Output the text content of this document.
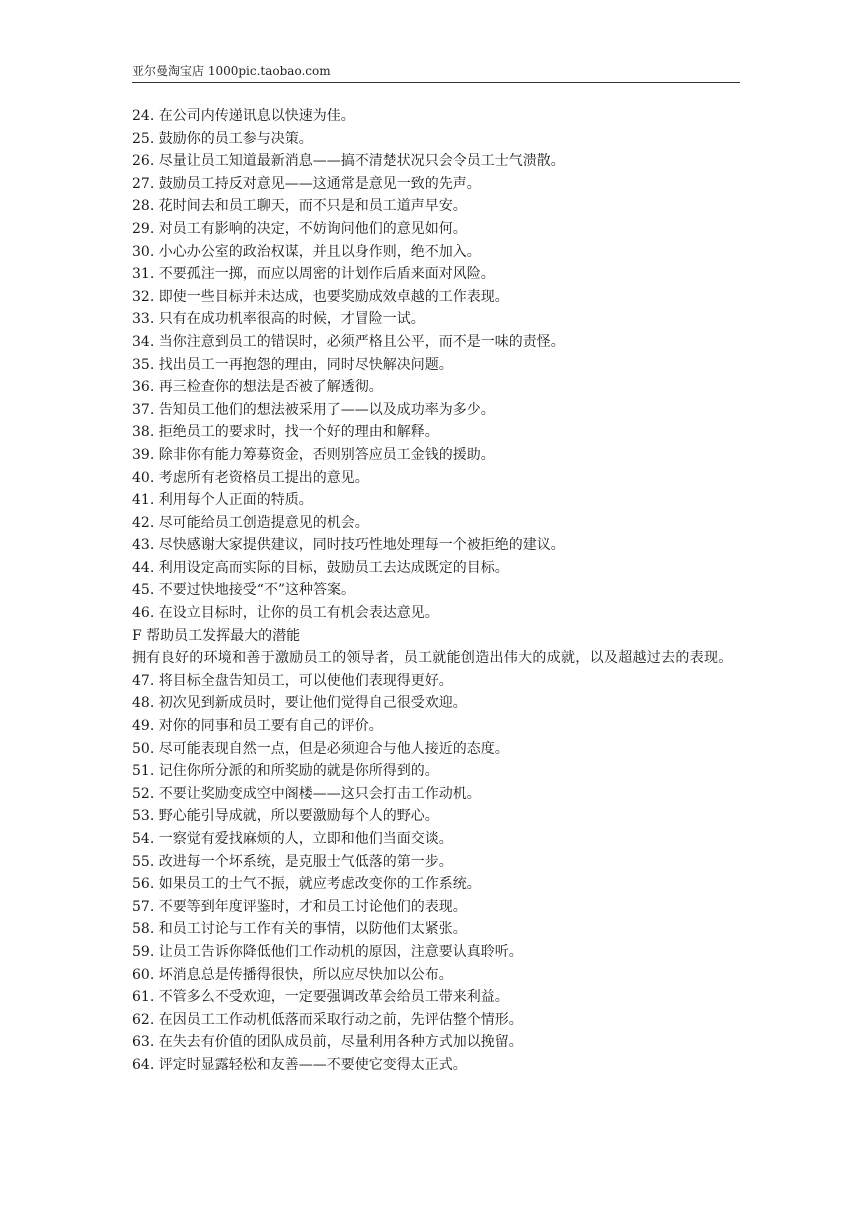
亚尔曼淘宝店 1000pic.taobao.com
24. 在公司内传递讯息以快速为佳。
25. 鼓励你的员工参与决策。
26. 尽量让员工知道最新消息——搞不清楚状况只会令员工士气溃散。
27. 鼓励员工持反对意见——这通常是意见一致的先声。
28. 花时间去和员工聊天，而不只是和员工道声早安。
29. 对员工有影响的决定，不妨询问他们的意见如何。
30. 小心办公室的政治权谋，并且以身作则，绝不加入。
31. 不要孤注一掷，而应以周密的计划作后盾来面对风险。
32. 即使一些目标并未达成，也要奖励成效卓越的工作表现。
33. 只有在成功机率很高的时候，才冒险一试。
34. 当你注意到员工的错误时，必须严格且公平，而不是一味的责怪。
35. 找出员工一再抱怨的理由，同时尽快解决问题。
36. 再三检查你的想法是否被了解透彻。
37. 告知员工他们的想法被采用了——以及成功率为多少。
38. 拒绝员工的要求时，找一个好的理由和解释。
39. 除非你有能力筹募资金，否则别答应员工金钱的援助。
40. 考虑所有老资格员工提出的意见。
41. 利用每个人正面的特质。
42. 尽可能给员工创造提意见的机会。
43. 尽快感谢大家提供建议，同时技巧性地处理每一个被拒绝的建议。
44. 利用设定高而实际的目标，鼓励员工去达成既定的目标。
45. 不要过快地接受“不”这种答案。
46. 在设立目标时，让你的员工有机会表达意见。
F 帮助员工发挥最大的潜能
拥有良好的环境和善于激励员工的领导者，员工就能创造出伟大的成就，以及超越过去的表现。
47. 将目标全盘告知员工，可以使他们表现得更好。
48. 初次见到新成员时，要让他们觉得自己很受欢迎。
49. 对你的同事和员工要有自己的评价。
50. 尽可能表现自然一点，但是必须迎合与他人接近的态度。
51. 记住你所分派的和所奖励的就是你所得到的。
52. 不要让奖励变成空中阁楼——这只会打击工作动机。
53. 野心能引导成就，所以要激励每个人的野心。
54. 一察觉有爱找麻烦的人，立即和他们当面交谈。
55. 改进每一个坏系统，是克服士气低落的第一步。
56. 如果员工的士气不振，就应考虑改变你的工作系统。
57. 不要等到年度评鉴时，才和员工讨论他们的表现。
58. 和员工讨论与工作有关的事情，以防他们太紧张。
59. 让员工告诉你降低他们工作动机的原因，注意要认真聆听。
60. 坏消息总是传播得很快，所以应尽快加以公布。
61. 不管多么不受欢迎，一定要强调改革会给员工带来利益。
62. 在因员工工作动机低落而采取行动之前，先评估整个情形。
63. 在失去有价值的团队成员前，尽量利用各种方式加以挽留。
64. 评定时显露轻松和友善——不要使它变得太正式。
